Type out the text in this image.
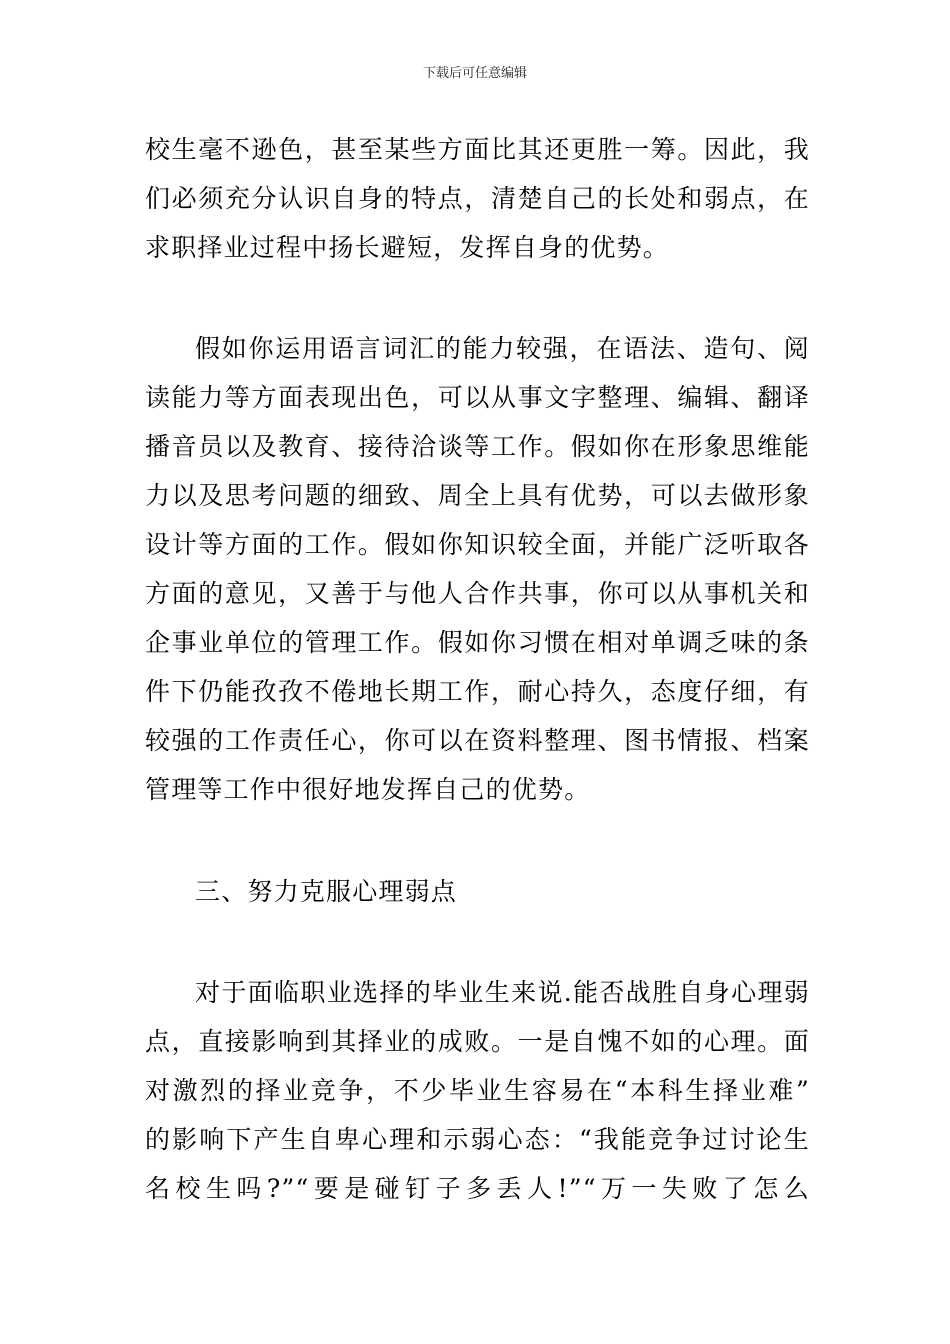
下载后可任意编辑
校生毫不逊色，甚至某些方面比其还更胜一筹。因此，我
们必须充分认识自身的特点，清楚自己的长处和弱点，在
求职择业过程中扬长避短，发挥自身的优势。
假如你运用语言词汇的能力较强，在语法、造句、阅
读能力等方面表现出色，可以从事文字整理、编辑、翻译
播音员以及教育、接待洽谈等工作。假如你在形象思维能
力以及思考问题的细致、周全上具有优势，可以去做形象
设计等方面的工作。假如你知识较全面，并能广泛听取各
方面的意见，又善于与他人合作共事，你可以从事机关和
企事业单位的管理工作。假如你习惯在相对单调乏味的条
件下仍能孜孜不倦地长期工作，耐心持久，态度仔细，有
较强的工作责任心，你可以在资料整理、图书情报、档案
管理等工作中很好地发挥自己的优势。
三、努力克服心理弱点
对于面临职业选择的毕业生来说.能否战胜自身心理弱
点，直接影响到其择业的成败。一是自愧不如的心理。面
对激烈的择业竞争，不少毕业生容易在“本科生择业难”
的影响下产生自卑心理和示弱心态：“我能竞争过讨论生
名校生吗?”“要是碰钉子多丢人!”“万一失败了怎么
